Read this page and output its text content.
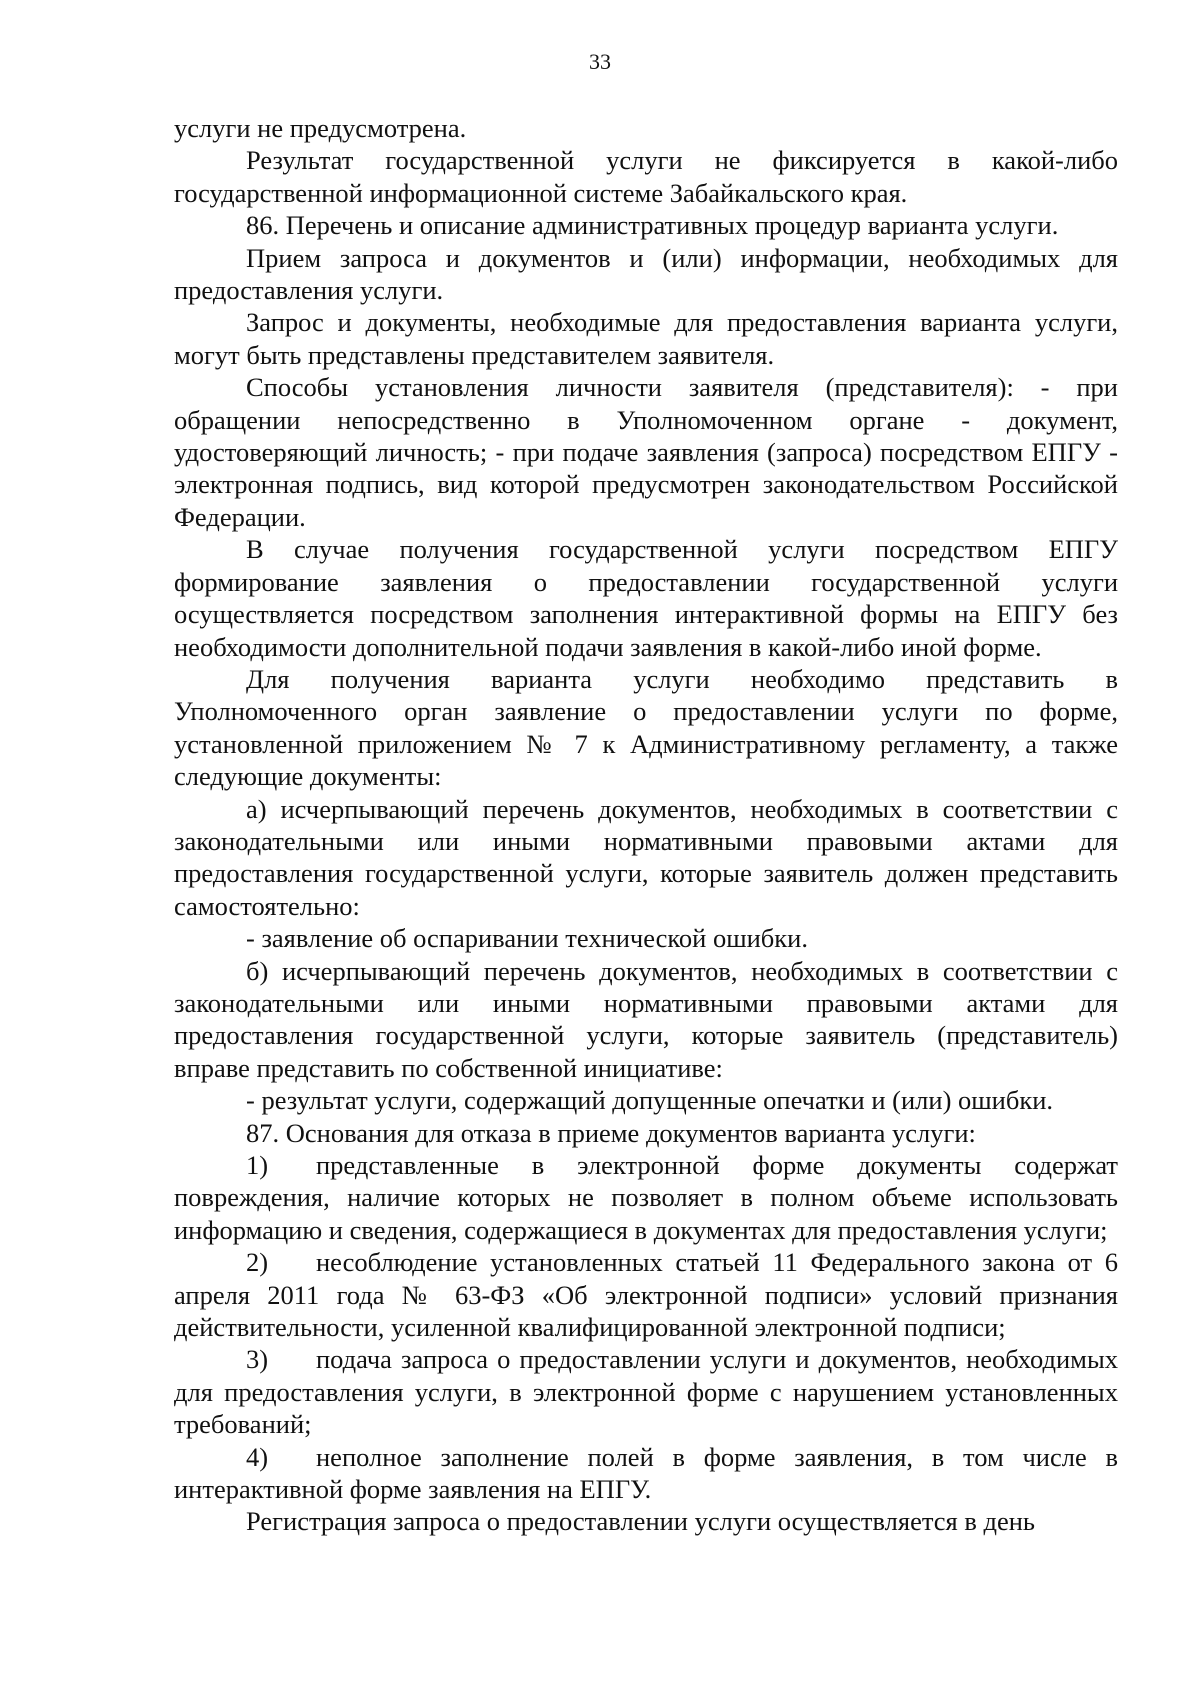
33

услуги не предусмотрена.

Результат государственной услуги не фиксируется в какой-либо государственной информационной системе Забайкальского края.

86. Перечень и описание административных процедур варианта услуги.

Прием запроса и документов и (или) информации, необходимых для предоставления услуги.

Запрос и документы, необходимые для предоставления варианта услуги, могут быть представлены представителем заявителя.

Способы установления личности заявителя (представителя): - при обращении непосредственно в Уполномоченном органе - документ, удостоверяющий личность; - при подаче заявления (запроса) посредством ЕПГУ - электронная подпись, вид которой предусмотрен законодательством Российской Федерации.

В случае получения государственной услуги посредством ЕПГУ формирование заявления о предоставлении государственной услуги осуществляется посредством заполнения интерактивной формы на ЕПГУ без необходимости дополнительной подачи заявления в какой-либо иной форме.

Для получения варианта услуги необходимо представить в Уполномоченного орган заявление о предоставлении услуги по форме, установленной приложением № 7 к Административному регламенту, а также следующие документы:

а) исчерпывающий перечень документов, необходимых в соответствии с законодательными или иными нормативными правовыми актами для предоставления государственной услуги, которые заявитель должен представить самостоятельно:

- заявление об оспаривании технической ошибки.

б) исчерпывающий перечень документов, необходимых в соответствии с законодательными или иными нормативными правовыми актами для предоставления государственной услуги, которые заявитель (представитель) вправе представить по собственной инициативе:

- результат услуги, содержащий допущенные опечатки и (или) ошибки.

87. Основания для отказа в приеме документов варианта услуги:

1) представленные в электронной форме документы содержат повреждения, наличие которых не позволяет в полном объеме использовать информацию и сведения, содержащиеся в документах для предоставления услуги;

2) несоблюдение установленных статьей 11 Федерального закона от 6 апреля 2011 года № 63-ФЗ «Об электронной подписи» условий признания действительности, усиленной квалифицированной электронной подписи;

3) подача запроса о предоставлении услуги и документов, необходимых для предоставления услуги, в электронной форме с нарушением установленных требований;

4) неполное заполнение полей в форме заявления, в том числе в интерактивной форме заявления на ЕПГУ.

Регистрация запроса о предоставлении услуги осуществляется в день
